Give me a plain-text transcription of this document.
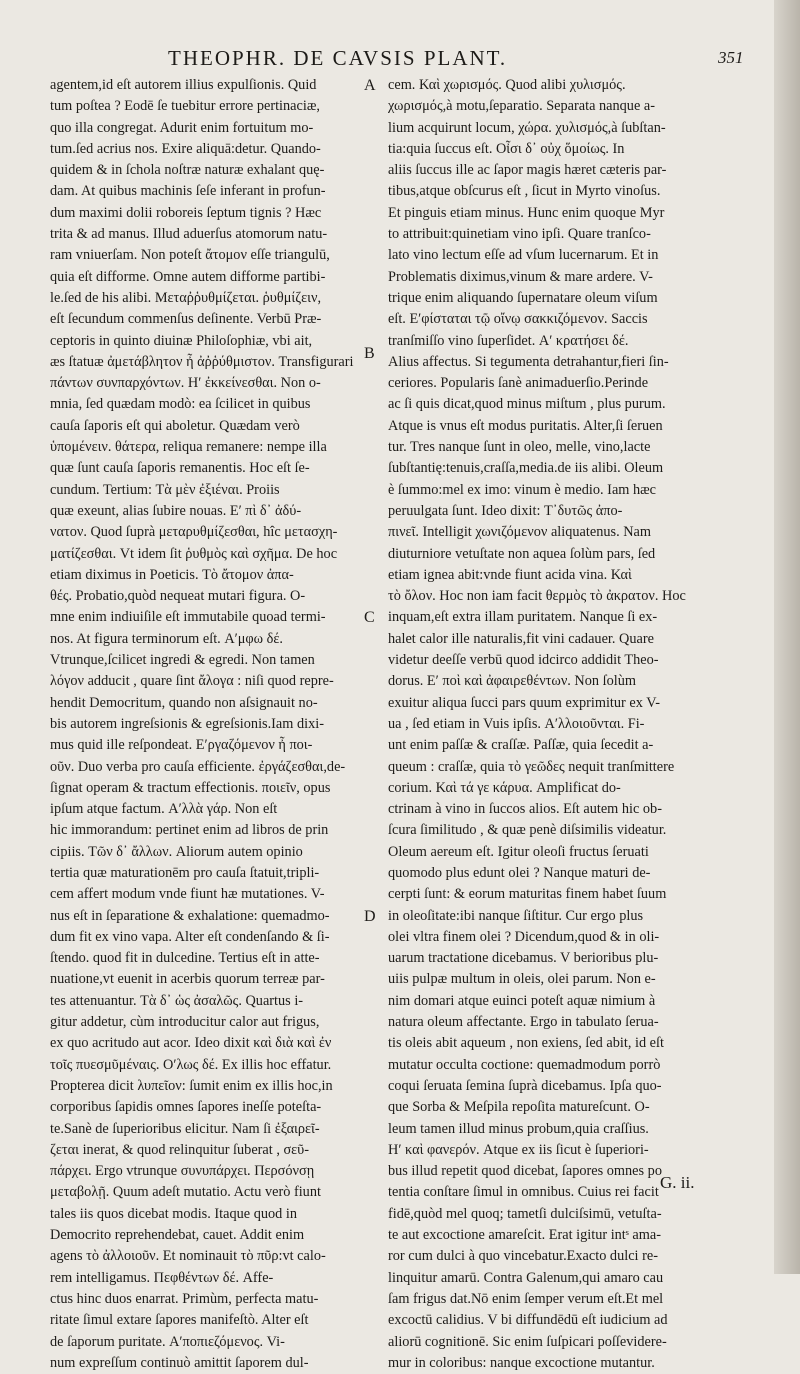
THEOPHR. DE CAVSIS PLANT.	351

agentem,id eſt autorem illius expulſionis. Quid

tum poſtea ? Eodē ſe tuebitur errore pertinaciæ,

quo illa congregat. Adurit enim fortuitum mo-

tum.ſed acrius nos. Exire aliquā:detur. Quando-

quidem & in ſchola noſtræ naturæ exhalant quę-

dam. At quibus machinis ſeſe inferant in profun-

dum maximi dolii roboreis ſeptum tignis ? Hæc

trita & ad manus. Illud aduerſus atomorum natu-

ram vniuerſam. Non poteſt ἄτομον eſſe triangulū,

quia eſt difforme. Omne autem difforme partibi-

le.ſed de his alibi. Μεταῤῥυθμίζεται. ῥυθμίζειν,

eſt ſecundum commenſus deſinente. Verbū Præ-

ceptoris in quinto diuinæ Philoſophiæ, vbi ait,

æs ſtatuæ ἀμετάβλητον ἦ ἀῤῥύθμιστον. Transfigurari

πάντων συνπαρχόντων. Ηʹ ἐκκείνεσθαι. Non o-

mnia, ſed quædam modò: ea ſcilicet in quibus

cauſa ſaporis eſt qui aboletur. Quædam verò

ὑπομένειν. θάτερα, reliqua remanere: nempe illa

quæ ſunt cauſa ſaporis remanentis. Hoc eſt ſe-

cundum. Tertium: Τὰ μὲν ἐξιέναι. Proiis

quæ exeunt, alias ſubire nouas. Εʹ πὶ δ᾽ ἀδύ-

νατον. Quod ſuprà μεταρυθμίζεσθαι, hîc μετασχη-

ματίζεσθαι. Vt idem ſit ῥυθμὸς καὶ σχῆμα. De hoc

etiam diximus in Poeticis. Τὸ ἄτομον ἀπα-

θές. Probatio,quòd nequeat mutari figura. O-

mne enim indiuiſile eſt immutabile quoad termi-

nos. At figura terminorum eſt. Αʹμφω δέ.

Vtrunque,ſcilicet ingredi & egredi. Non tamen

λόγον adducit , quare ſint ἄλογα : niſi quod repre-

hendit Democritum, quando non aſsignauit no-

bis autorem ingreſsionis & egreſsionis.Iam dixi-

mus quid ille reſpondeat. Εʹργαζόμενον ἦ ποι-

οῦν. Duo verba pro cauſa efficiente. ἐργάζεσθαι,de-

ſignat operam & tractum effectionis. ποιεῖν, opus

ipſum atque factum. Αʹλλὰ γάρ. Non eſt

hic immorandum: pertinet enim ad libros de prin

cipiis. Τῶν δ᾽ ἄλλων. Aliorum autem opinio

tertia quæ maturationēm pro cauſa ſtatuit,tripli-

cem affert modum vnde fiunt hæ mutationes. V-

nus eſt in ſeparatione & exhalatione: quemadmo-

dum fit ex vino vapa. Alter eſt condenſando & ſi-

ſtendo. quod fit in dulcedine. Tertius eſt in atte-

nuatione,vt euenit in acerbis quorum terreæ par-

tes attenuantur. Τὰ δ᾽ ὡς ἀσαλῶς. Quartus i-

gitur addetur, cùm introducitur calor aut frigus,

ex quo acritudo aut acor. Ideo dixit καὶ διὰ καὶ ἐν

τοῖς πυεσμῦμέναις. Οʹλως δέ. Ex illis hoc effatur.

Propterea dicit λυπεῖον: ſumit enim ex illis hoc,in

corporibus ſapidis omnes ſapores ineſſe poteſta-

te.Sanè de ſuperioribus elicitur. Nam ſi ἐξαιρεῖ-

ζεται inerat, & quod relinquitur ſuberat , σεῦ-

πάρχει. Ergo vtrunque συνυπάρχει. Περσόνσῃ

μεταβολῇ. Quum adeſt mutatio. Actu verò fiunt

tales iis quos dicebat modis. Itaque quod in

Democrito reprehendebat, cauet. Addit enim

agens τὸ ἀλλοιοῦν. Et nominauit τὸ πῦρ:vt calo-

rem intelligamus. Πεφθέντων δέ. Affe-

ctus hinc duos enarrat. Primùm, perfecta matu-

ritate ſimul extare ſapores manifeſtò. Alter eſt

de ſaporum puritate. Αʹποπιεζόμενος. Vi-

num expreſſum continuò amittit ſaporem dul-

cem. Καὶ χωρισμός. Quod alibi χυλισμός.

χωρισμός,à motu,ſeparatio. Separata nanque a-

lium acquirunt locum, χώρα. χυλισμός,à ſubſtan-

tia:quia ſuccus eſt. Οἶσι δ᾽ οὐχ ὅμοίως. In

aliis ſuccus ille ac ſapor magis hæret cæteris par-

tibus,atque obſcurus eſt , ſicut in Myrto vinoſus.

Et pinguis etiam minus. Hunc enim quoque Myr

to attribuit:quinetiam vino ipſi. Quare tranſco-

lato vino lectum eſſe ad vſum lucernarum. Et in

Problematis diximus,vinum & mare ardere. V-

trique enim aliquando ſupernatare oleum viſum

eſt. Εʹφίσταται τῷ οἴνῳ σακκιζόμενον. Saccis

tranſmiſſo vino ſuperſidet. Αʹ κρατήσει δέ.

Alius affectus. Si tegumenta detrahantur,fieri ſin-

ceriores. Popularis ſanè animaduerſio.Perinde

ac ſi quis dicat,quod minus miſtum , plus purum.

Atque is vnus eſt modus puritatis. Alter,ſi ſeruen

tur. Tres nanque ſunt in oleo, melle, vino,lacte

ſubſtantię:tenuis,craſſa,media.de iis alibi. Oleum

è ſummo:mel ex imo: vinum è medio. Iam hæc

peruulgata ſunt. Ideo dixit: Τ᾽δυτῶς ἀπο-

πινεῖ. Intelligit χωνιζόμενον aliquatenus. Nam

diuturniore vetuſtate non aquea ſolùm pars, ſed

etiam ignea abit:vnde fiunt acida vina. Καὶ

τὸ ὄλον. Hoc non iam facit θερμὸς τὸ ἀκρατον. Hoc

inquam,eſt extra illam puritatem. Nanque ſi ex-

halet calor ille naturalis,fit vini cadauer. Quare

videtur deeſſe verbū quod idcirco addidit Theo-

dorus. Εʹ ποὶ καὶ ἀφαιρεθέντων. Non ſolùm

exuitur aliqua ſucci pars quum exprimitur ex V-

ua , ſed etiam in Vuis ipſis. Αʹλλοιοῦνται. Fi-

unt enim paſſæ & craſſæ. Paſſæ, quia ſecedit a-

queum : craſſæ, quia τὸ γεῶδες nequit tranſmittere

corium. Καὶ τά γε κάρυα. Amplificat do-

ctrinam à vino in ſuccos alios. Eſt autem hic ob-

ſcura ſimilitudo , & quæ penè diſsimilis videatur.

Oleum aereum eſt. Igitur oleoſi fructus ſeruati

quomodo plus edunt olei ? Nanque maturi de-

cerpti ſunt: & eorum maturitas finem habet ſuum

in oleoſitate:ibi nanque ſiſtitur. Cur ergo plus

olei vltra finem olei ? Dicendum,quod & in oli-

uarum tractatione dicebamus. V berioribus plu-

uiis pulpæ multum in oleis, olei parum. Non e-

nim domari atque euinci poteſt aquæ nimium à

natura oleum affectante. Ergo in tabulato ſerua-

tis oleis abit aqueum , non exiens, ſed abit, id eſt

mutatur occulta coctione: quemadmodum porrò

coqui ſeruata ſemina ſuprà dicebamus. Ipſa quo-

que Sorba & Meſpila repoſita matureſcunt. O-

leum tamen illud minus probum,quia craſſius.

Ηʹ καὶ φανερόν. Atque ex iis ſicut è ſuperiori-

bus illud repetit quod dicebat, ſapores omnes po

tentia conſtare ſimul in omnibus. Cuius rei facit

fidē,quòd mel quoq; tametſi dulciſsimū, vetuſta-

te aut excoctione amareſcit. Erat igitur intˢ ama-

ror cum dulci à quo vincebatur.Exacto dulci re-

linquitur amarū. Contra Galenum,qui amaro cau

ſam frigus dat.Nō enim ſemper verum eſt.Et mel

excoctū calidius. V bi diffundēdū eſt iudicium ad

aliorū cognitionē. Sic enim ſuſpicari poſſevidere-

mur in coloribus: nanque excoctione mutantur.

A
B
C
D
G. ii.
